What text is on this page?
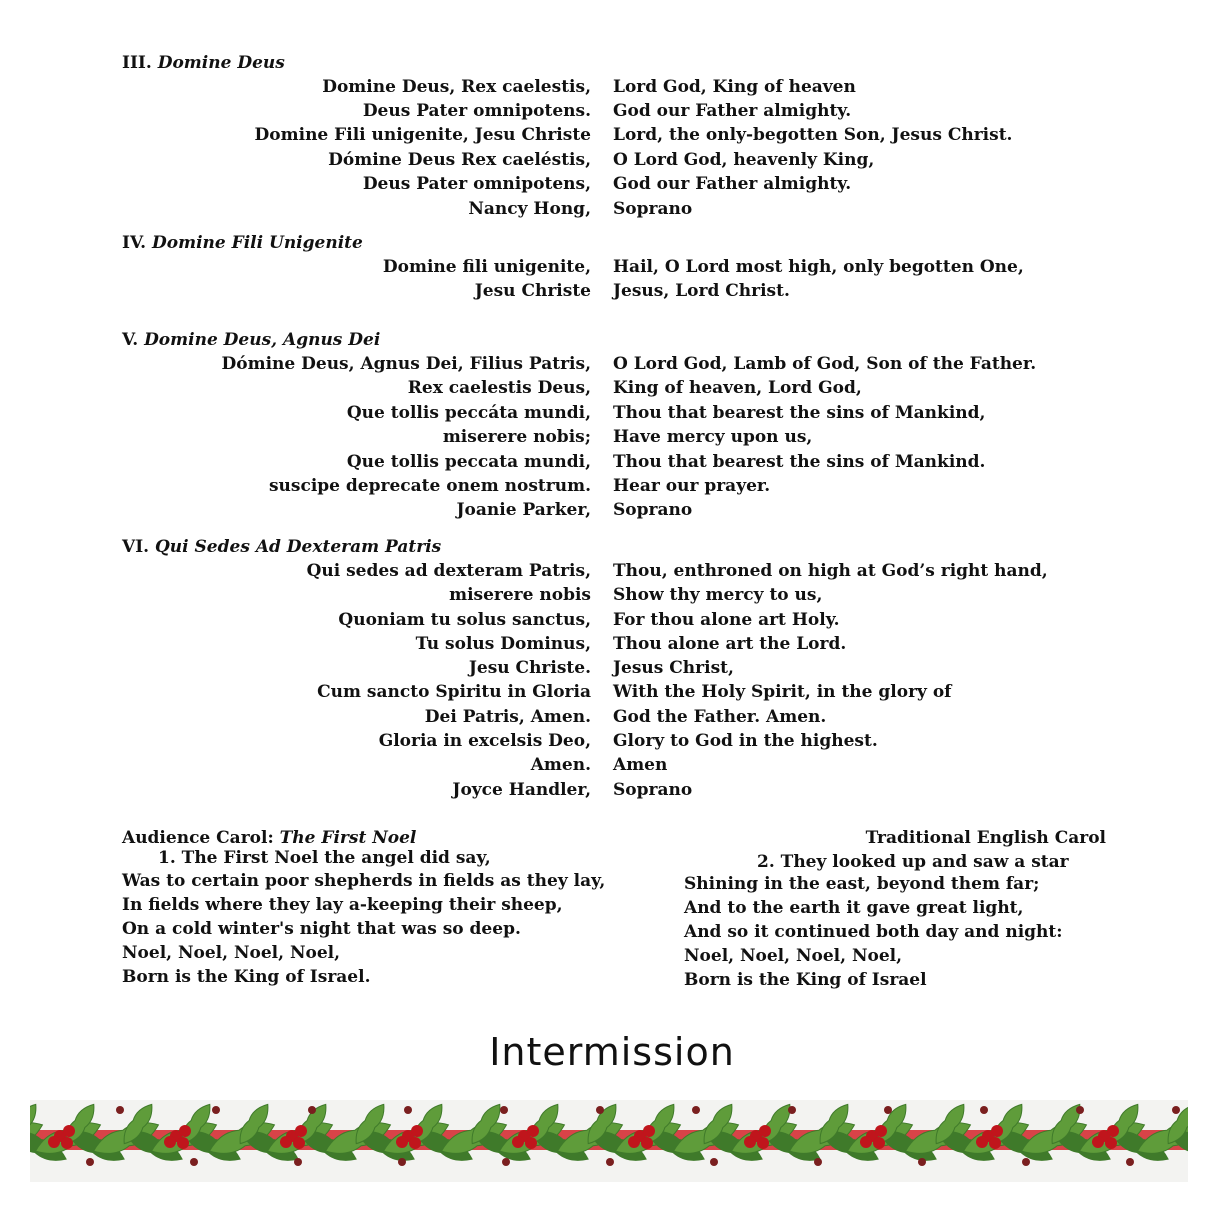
III. Domine Deus
Domine Deus, Rex caelestis, Lord God, King of heaven
Deus Pater omnipotens. God our Father almighty.
Domine Fili unigenite, Jesu Christe Lord, the only-begotten Son, Jesus Christ.
Dómine Deus Rex caeléstis, O Lord God, heavenly King,
Deus Pater omnipotens, God our Father almighty.
Nancy Hong, Soprano
IV. Domine Fili Unigenite
Domine fili unigenite, Hail, O Lord most high, only begotten One,
Jesu Christe Jesus, Lord Christ.
V. Domine Deus, Agnus Dei
Dómine Deus, Agnus Dei, Filius Patris, O Lord God, Lamb of God, Son of the Father.
Rex caelestis Deus, King of heaven, Lord God,
Que tollis peccáta mundi, Thou that bearest the sins of Mankind,
miserere nobis; Have mercy upon us,
Que tollis peccata mundi, Thou that bearest the sins of Mankind.
suscipe deprecate onem nostrum. Hear our prayer.
Joanie Parker, Soprano
VI. Qui Sedes Ad Dexteram Patris
Qui sedes ad dexteram Patris, Thou, enthroned on high at God’s right hand,
miserere nobis Show thy mercy to us,
Quoniam tu solus sanctus, For thou alone art Holy.
Tu solus Dominus, Thou alone art the Lord.
Jesu Christe. Jesus Christ,
Cum sancto Spiritu in Gloria With the Holy Spirit, in the glory of
Dei Patris, Amen. God the Father. Amen.
Gloria in excelsis Deo, Glory to God in the highest.
Amen. Amen
Joyce Handler, Soprano
Audience Carol: The First Noel	Traditional English Carol
1. The First Noel the angel did say,
Was to certain poor shepherds in fields as they lay,
In fields where they lay a-keeping their sheep,
On a cold winter's night that was so deep.
Noel, Noel, Noel, Noel,
Born is the King of Israel.
2. They looked up and saw a star
Shining in the east, beyond them far;
And to the earth it gave great light,
And so it continued both day and night:
Noel, Noel, Noel, Noel,
Born is the King of Israel
Intermission
